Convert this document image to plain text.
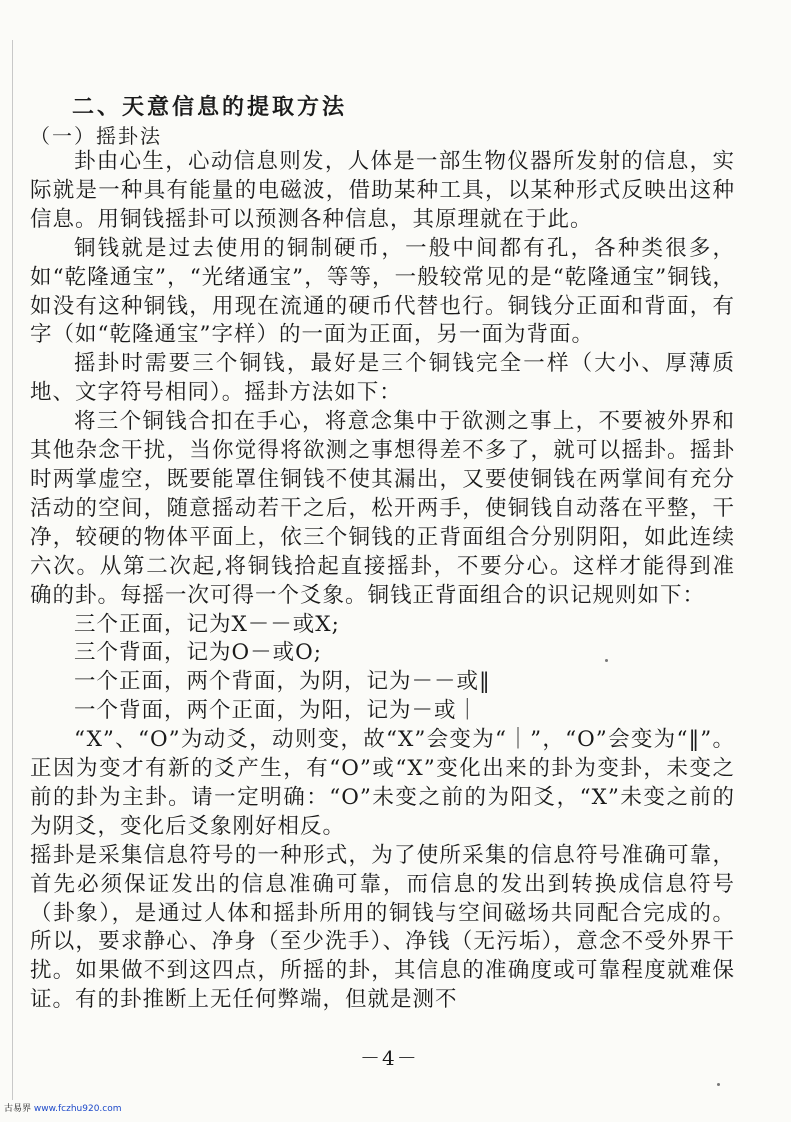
二、天意信息的提取方法
（一）摇卦法

卦由心生，心动信息则发，人体是一部生物仪器所发射的信息，实际就是一种具有能量的电磁波，借助某种工具，以某种形式反映出这种信息。用铜钱摇卦可以预测各种信息，其原理就在于此。

铜钱就是过去使用的铜制硬币，一般中间都有孔，各种类很多，如“乾隆通宝”，“光绪通宝”，等等，一般较常见的是“乾隆通宝”铜钱，如没有这种铜钱，用现在流通的硬币代替也行。铜钱分正面和背面，有字（如“乾隆通宝”字样）的一面为正面，另一面为背面。

摇卦时需要三个铜钱，最好是三个铜钱完全一样（大小、厚薄质地、文字符号相同）。摇卦方法如下：

将三个铜钱合扣在手心，将意念集中于欲测之事上，不要被外界和其他杂念干扰，当你觉得将欲测之事想得差不多了，就可以摇卦。摇卦时两掌虚空，既要能罩住铜钱不使其漏出，又要使铜钱在两掌间有充分活动的空间，随意摇动若干之后，松开两手，使铜钱自动落在平整，干净，较硬的物体平面上，依三个铜钱的正背面组合分别阴阳，如此连续六次。从第二次起,将铜钱拾起直接摇卦，不要分心。这样才能得到准确的卦。每摇一次可得一个爻象。铜钱正背面组合的识记规则如下：

三个正面，记为X－－或X;
三个背面，记为O－或O;
一个正面，两个背面，为阴，记为－－或‖
一个背面，两个正面，为阳，记为－或｜

“X”、“O”为动爻，动则变，故“X”会变为“｜”，“O”会变为“‖”。正因为变才有新的爻产生，有“O”或“X”变化出来的卦为变卦，未变之前的卦为主卦。请一定明确：“O”未变之前的为阳爻，“X”未变之前的为阴爻，变化后爻象刚好相反。

摇卦是采集信息符号的一种形式，为了使所采集的信息符号准确可靠，首先必须保证发出的信息准确可靠，而信息的发出到转换成信息符号（卦象），是通过人体和摇卦所用的铜钱与空间磁场共同配合完成的。所以，要求静心、净身（至少洗手）、净钱（无污垢），意念不受外界干扰。如果做不到这四点，所摇的卦，其信息的准确度或可靠程度就难保证。有的卦推断上无任何弊端，但就是测不

－4－
古易界 www.fczhu920.com
